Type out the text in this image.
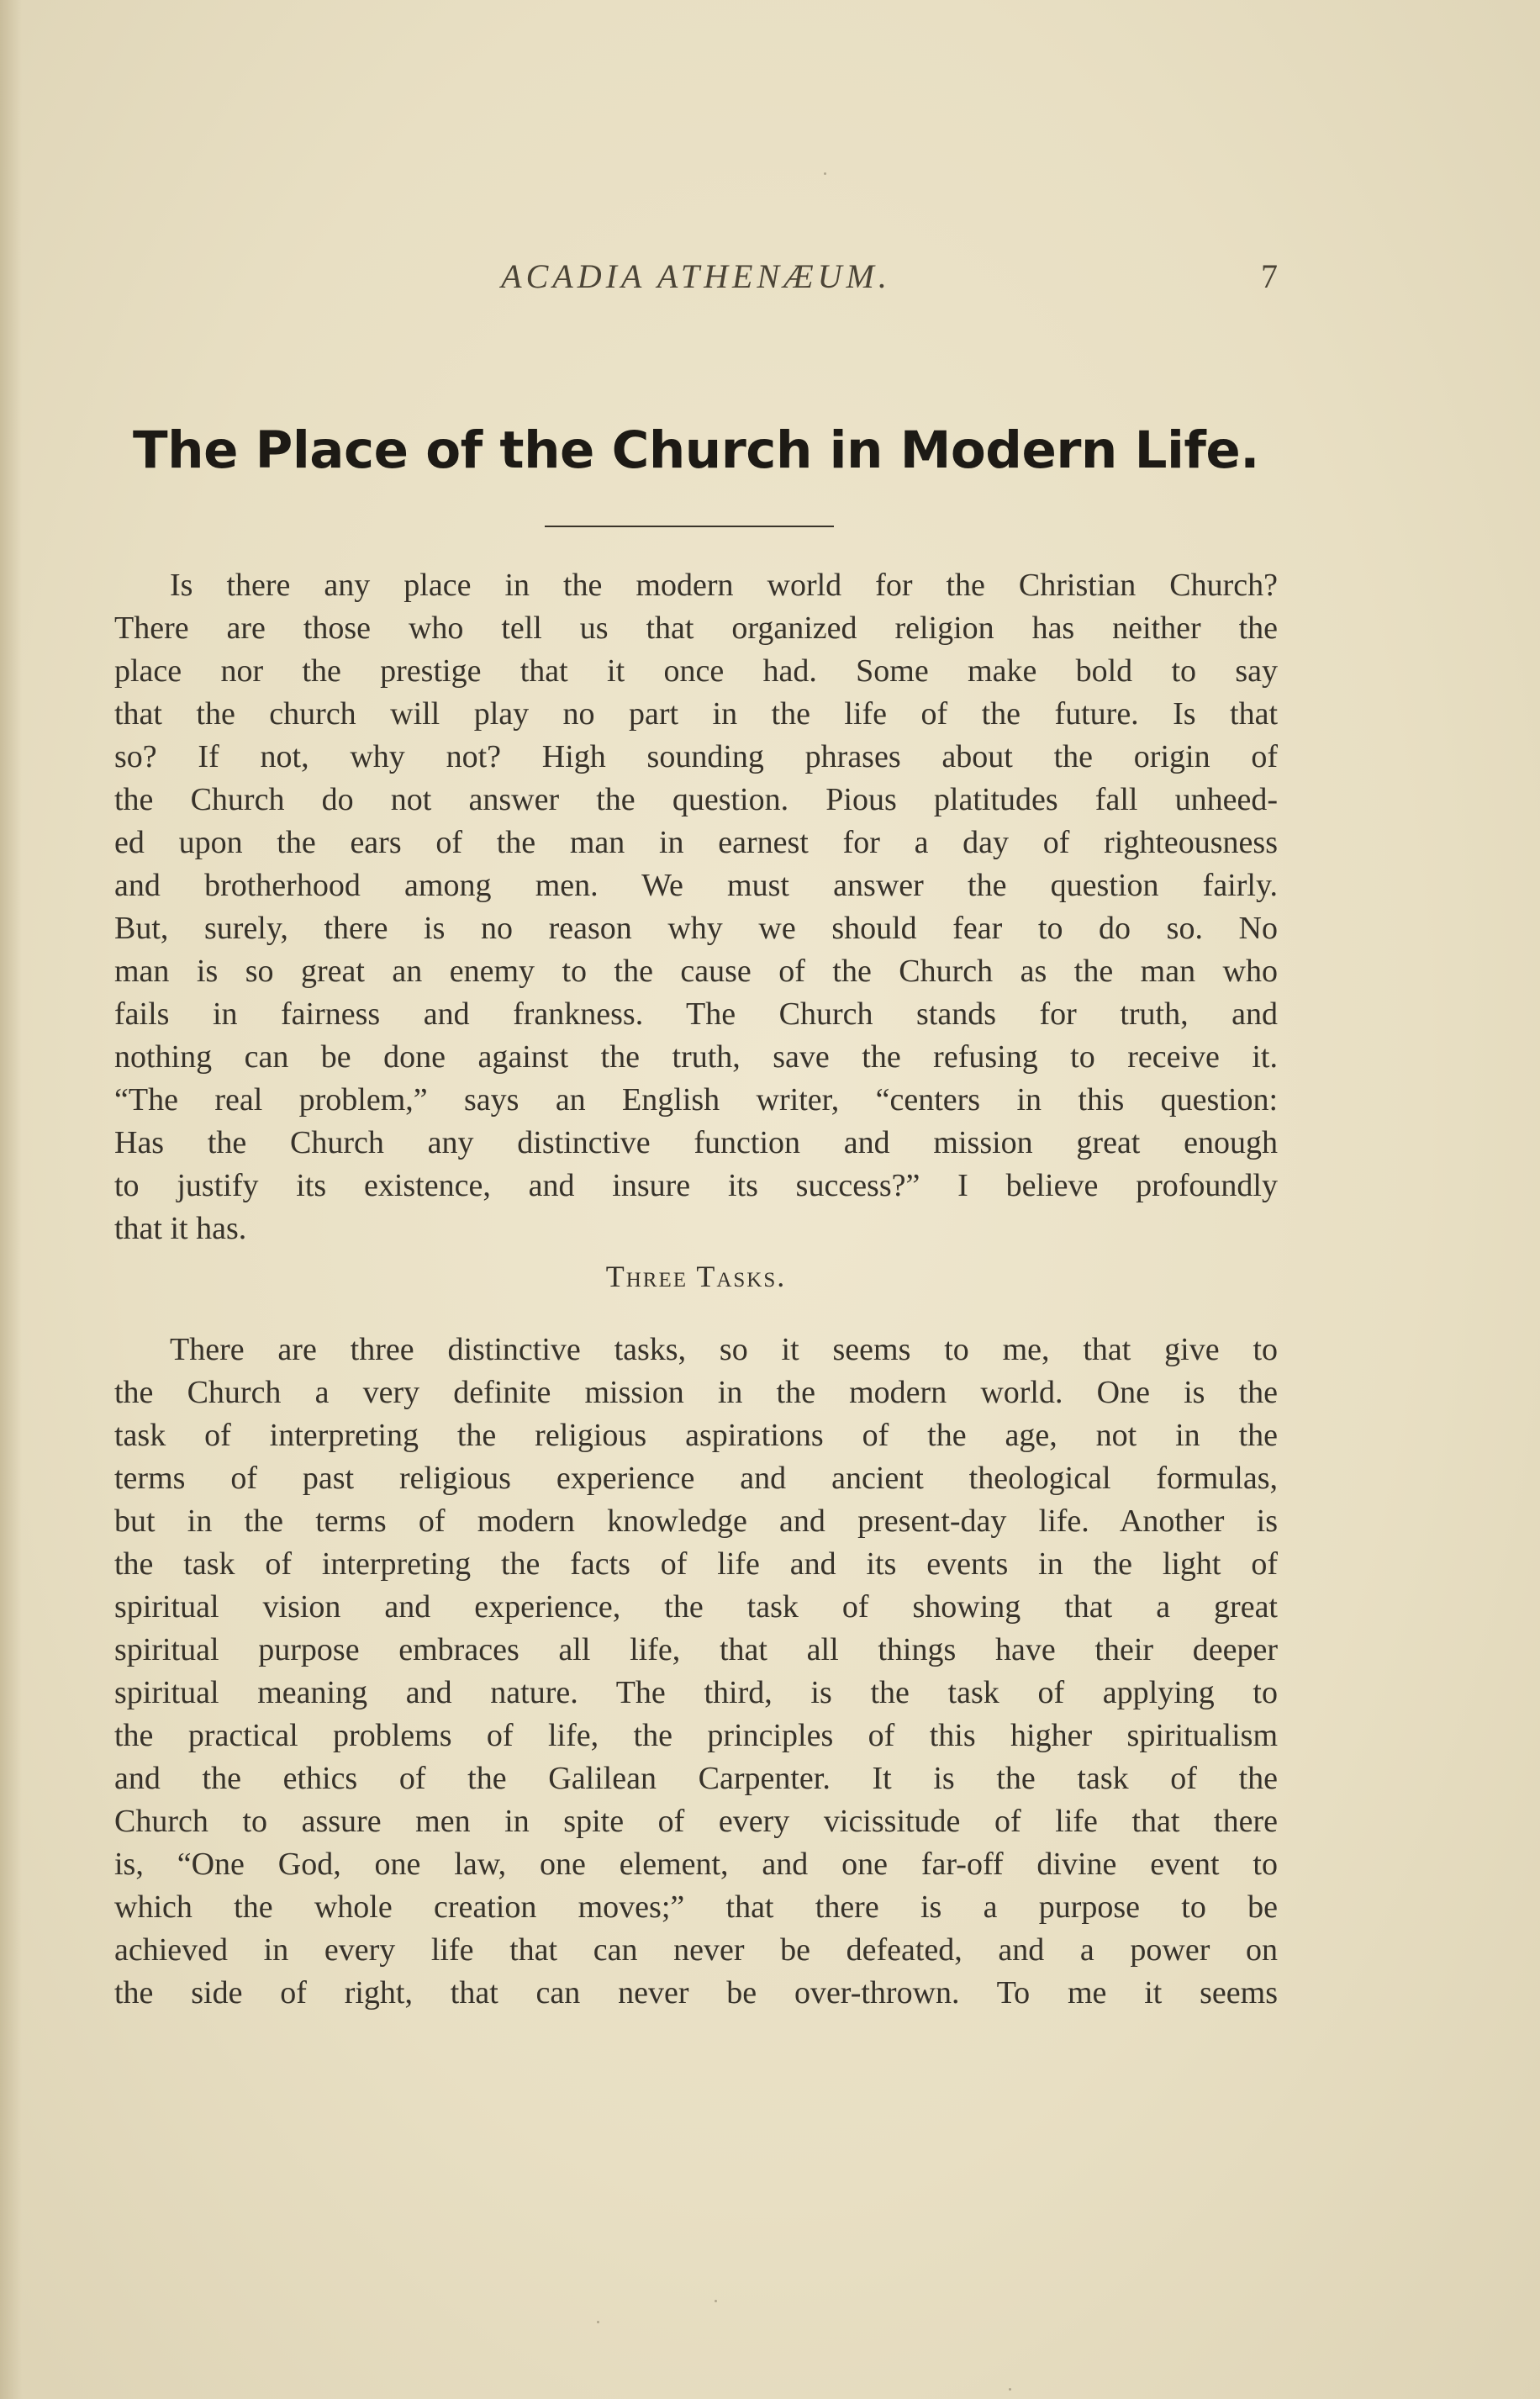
ACADIA ATHENÆUM.	7
The Place of the Church in Modern Life.
Is there any place in the modern world for the Christian Church?
There are those who tell us that organized religion has neither the
place nor the prestige that it once had. Some make bold to say
that the church will play no part in the life of the future. Is that
so? If not, why not? High sounding phrases about the origin of
the Church do not answer the question. Pious platitudes fall unheed-
ed upon the ears of the man in earnest for a day of righteousness
and brotherhood among men. We must answer the question fairly.
But, surely, there is no reason why we should fear to do so. No
man is so great an enemy to the cause of the Church as the man who
fails in fairness and frankness. The Church stands for truth, and
nothing can be done against the truth, save the refusing to receive it.
“The real problem,” says an English writer, “centers in this question:
Has the Church any distinctive function and mission great enough
to justify its existence, and insure its success?” I believe profoundly
that it has.
Three Tasks.
There are three distinctive tasks, so it seems to me, that give to
the Church a very definite mission in the modern world. One is the
task of interpreting the religious aspirations of the age, not in the
terms of past religious experience and ancient theological formulas,
but in the terms of modern knowledge and present-day life. Another is
the task of interpreting the facts of life and its events in the light of
spiritual vision and experience, the task of showing that a great
spiritual purpose embraces all life, that all things have their deeper
spiritual meaning and nature. The third, is the task of applying to
the practical problems of life, the principles of this higher spiritualism
and the ethics of the Galilean Carpenter. It is the task of the
Church to assure men in spite of every vicissitude of life that there
is, “One God, one law, one element, and one far-off divine event to
which the whole creation moves;” that there is a purpose to be
achieved in every life that can never be defeated, and a power on
the side of right, that can never be over-thrown. To me it seems
